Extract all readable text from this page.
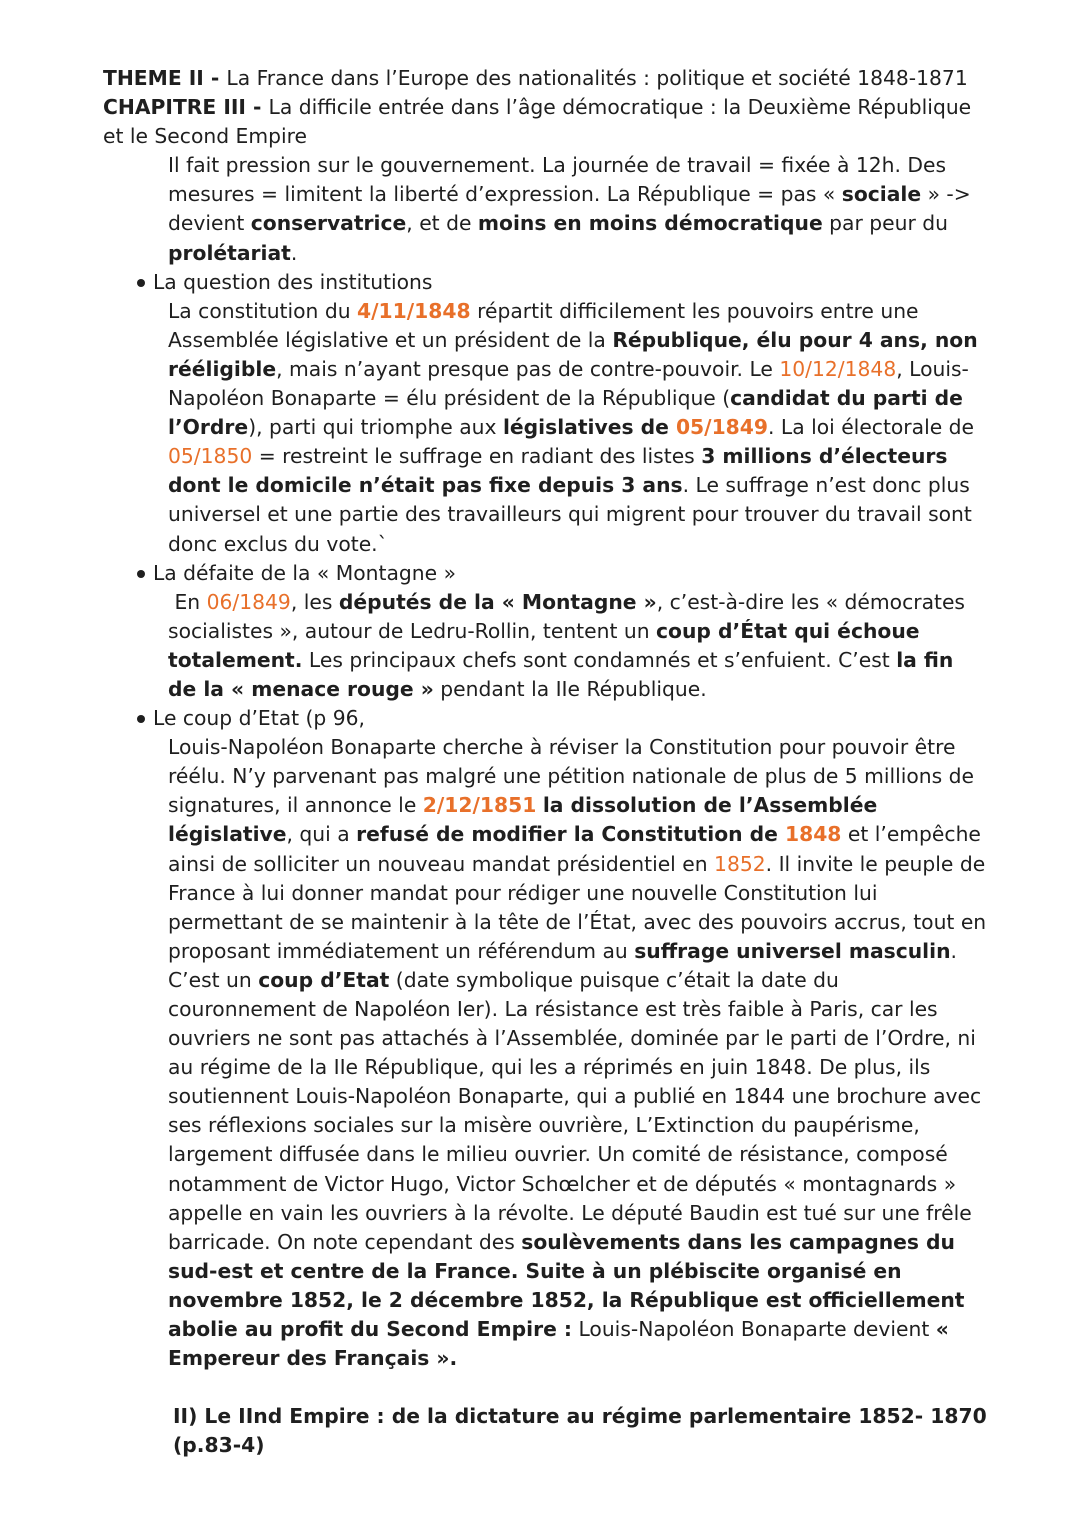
THEME II - La France dans l’Europe des nationalités : politique et société 1848-1871

CHAPITRE III - La difficile entrée dans l’âge démocratique : la Deuxième République et le Second Empire

Il fait pression sur le gouvernement. La journée de travail = fixée à 12h. Des mesures = limitent la liberté d’expression. La République = pas « sociale » -> devient conservatrice, et de moins en moins démocratique par peur du prolétariat.

La question des institutions

La constitution du 4/11/1848 répartit difficilement les pouvoirs entre une Assemblée législative et un président de la République, élu pour 4 ans, non rééligible, mais n’ayant presque pas de contre-pouvoir. Le 10/12/1848, Louis-Napoléon Bonaparte = élu président de la République (candidat du parti de l’Ordre), parti qui triomphe aux législatives de 05/1849. La loi électorale de 05/1850 = restreint le suffrage en radiant des listes 3 millions d’électeurs dont le domicile n’était pas fixe depuis 3 ans. Le suffrage n’est donc plus universel et une partie des travailleurs qui migrent pour trouver du travail sont donc exclus du vote.`

La défaite de la « Montagne »

En 06/1849, les députés de la « Montagne », c’est-à-dire les « démocrates socialistes », autour de Ledru-Rollin, tentent un coup d’État qui échoue totalement. Les principaux chefs sont condamnés et s’enfuient. C’est la fin de la « menace rouge » pendant la IIe République.

Le coup d’Etat (p 96,

Louis-Napoléon Bonaparte cherche à réviser la Constitution pour pouvoir être réélu. N’y parvenant pas malgré une pétition nationale de plus de 5 millions de signatures, il annonce le 2/12/1851 la dissolution de l’Assemblée législative, qui a refusé de modifier la Constitution de 1848 et l’empêche ainsi de solliciter un nouveau mandat présidentiel en 1852. Il invite le peuple de France à lui donner mandat pour rédiger une nouvelle Constitution lui permettant de se maintenir à la tête de l’État, avec des pouvoirs accrus, tout en proposant immédiatement un référendum au suffrage universel masculin. C’est un coup d’Etat (date symbolique puisque c’était la date du couronnement de Napoléon Ier). La résistance est très faible à Paris, car les ouvriers ne sont pas attachés à l’Assemblée, dominée par le parti de l’Ordre, ni au régime de la IIe République, qui les a réprimés en juin 1848. De plus, ils soutiennent Louis-Napoléon Bonaparte, qui a publié en 1844 une brochure avec ses réflexions sociales sur la misère ouvrière, L’Extinction du paupérisme, largement diffusée dans le milieu ouvrier. Un comité de résistance, composé notamment de Victor Hugo, Victor Schœlcher et de députés « montagnards » appelle en vain les ouvriers à la révolte. Le député Baudin est tué sur une frêle barricade. On note cependant des soulèvements dans les campagnes du sud-est et centre de la France. Suite à un plébiscite organisé en novembre 1852, le 2 décembre 1852, la République est officiellement abolie au profit du Second Empire : Louis-Napoléon Bonaparte devient « Empereur des Français ».

II) Le IInd Empire : de la dictature au régime parlementaire 1852- 1870 (p.83-4)
